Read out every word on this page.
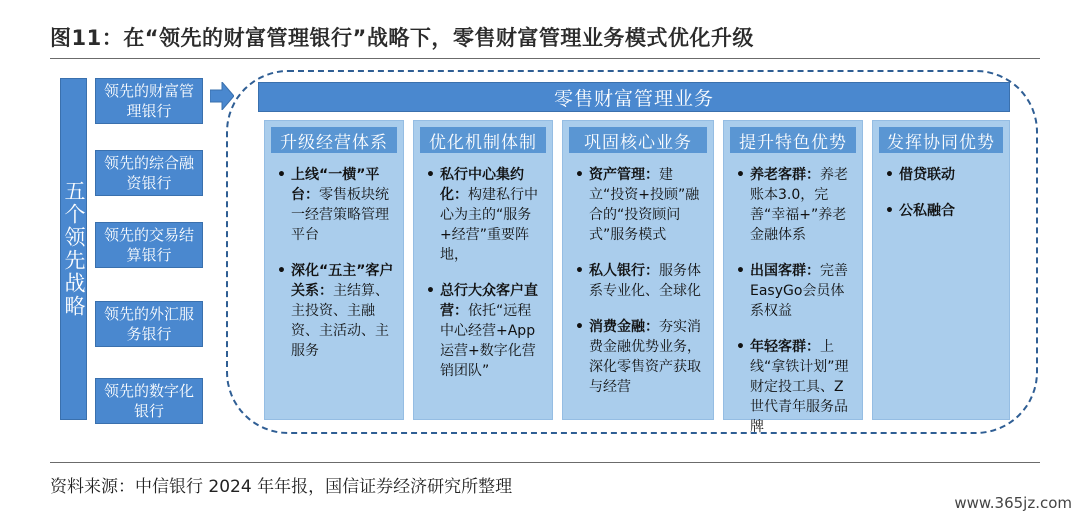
图11：在“领先的财富管理银行”战略下，零售财富管理业务模式优化升级
五个领先战略
领先的财富管理银行
领先的综合融资银行
领先的交易结算银行
领先的外汇服务银行
领先的数字化银行
零售财富管理业务
升级经营体系
• 上线“一横”平台：零售板块统一经营策略管理平台
• 深化“五主”客户关系：主结算、主投资、主融资、主活动、主服务
优化机制体制
• 私行中心集约化：构建私行中心为主的“服务+经营”重要阵地，
• 总行大众客户直营：依托“远程中心经营+App运营+数字化营销团队”
巩固核心业务
• 资产管理：建立“投资+投顾”融合的“投资顾问式”服务模式
• 私人银行：服务体系专业化、全球化
• 消费金融：夯实消费金融优势业务，深化零售资产获取与经营
提升特色优势
• 养老客群：养老账本3.0，完善“幸福+”养老金融体系
• 出国客群：完善EasyGo会员体系权益
• 年轻客群：上线“拿铁计划”理财定投工具、Z世代青年服务品牌
发挥协同优势
• 借贷联动
• 公私融合
资料来源：中信银行 2024 年年报，国信证券经济研究所整理
www.365jz.com
